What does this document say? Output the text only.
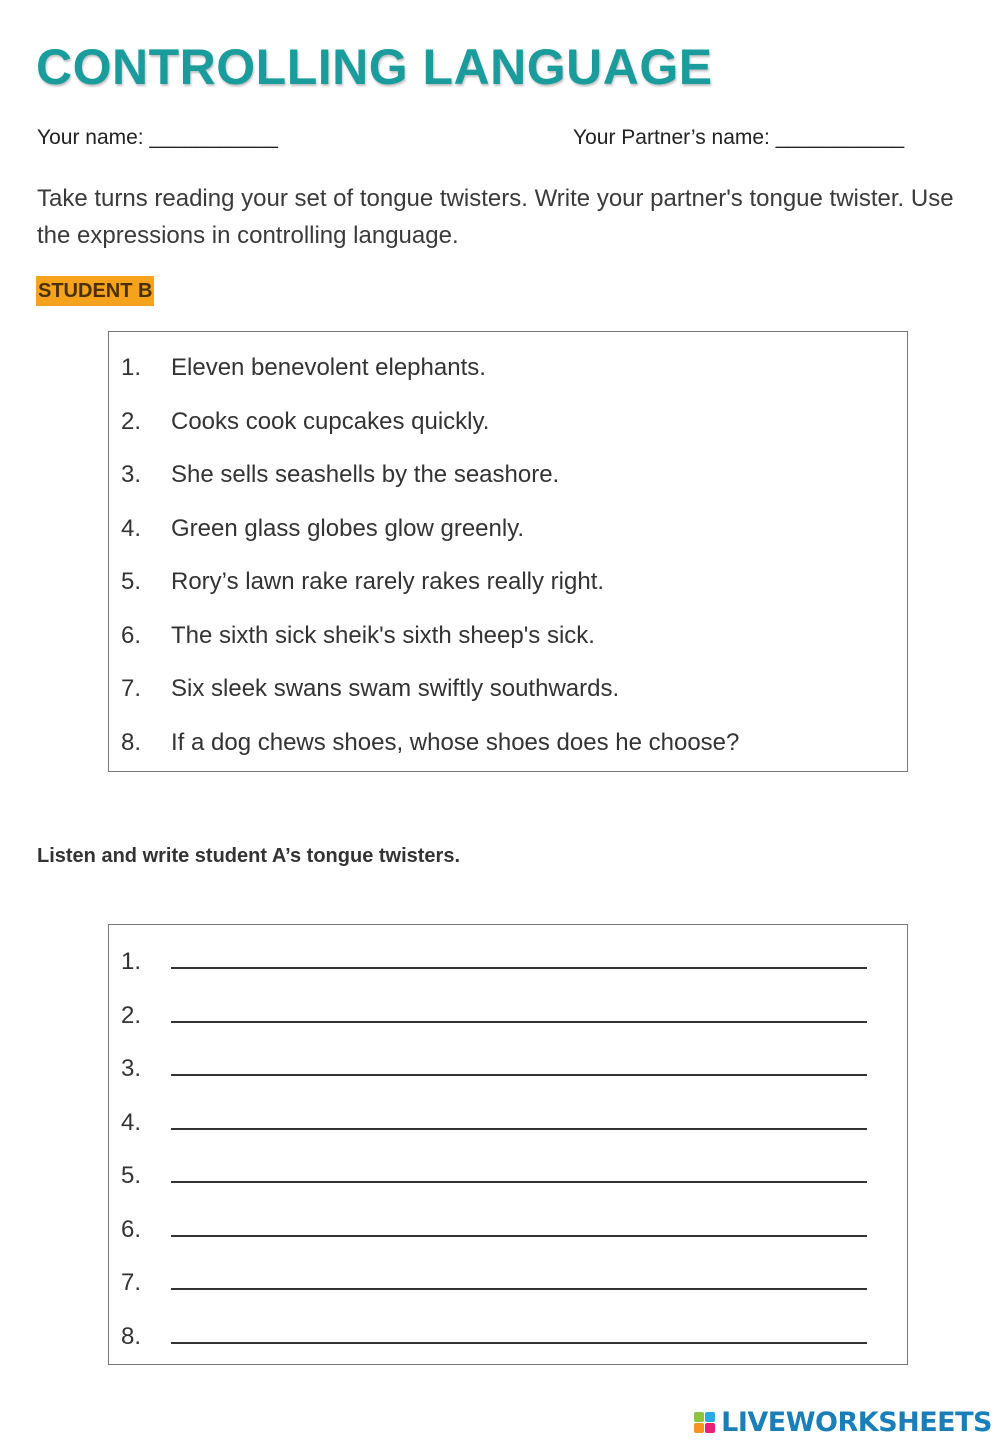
CONTROLLING LANGUAGE
Your name: ___________	Your Partner’s name: ___________
Take turns reading your set of tongue twisters. Write your partner's tongue twister. Use the expressions in controlling language.
STUDENT B
1. Eleven benevolent elephants.
2. Cooks cook cupcakes quickly.
3. She sells seashells by the seashore.
4. Green glass globes glow greenly.
5. Rory’s lawn rake rarely rakes really right.
6. The sixth sick sheik's sixth sheep's sick.
7. Six sleek swans swam swiftly southwards.
8. If a dog chews shoes, whose shoes does he choose?
Listen and write student A’s tongue twisters.
1.
2.
3.
4.
5.
6.
7.
8.
LIVEWORKSHEETS
